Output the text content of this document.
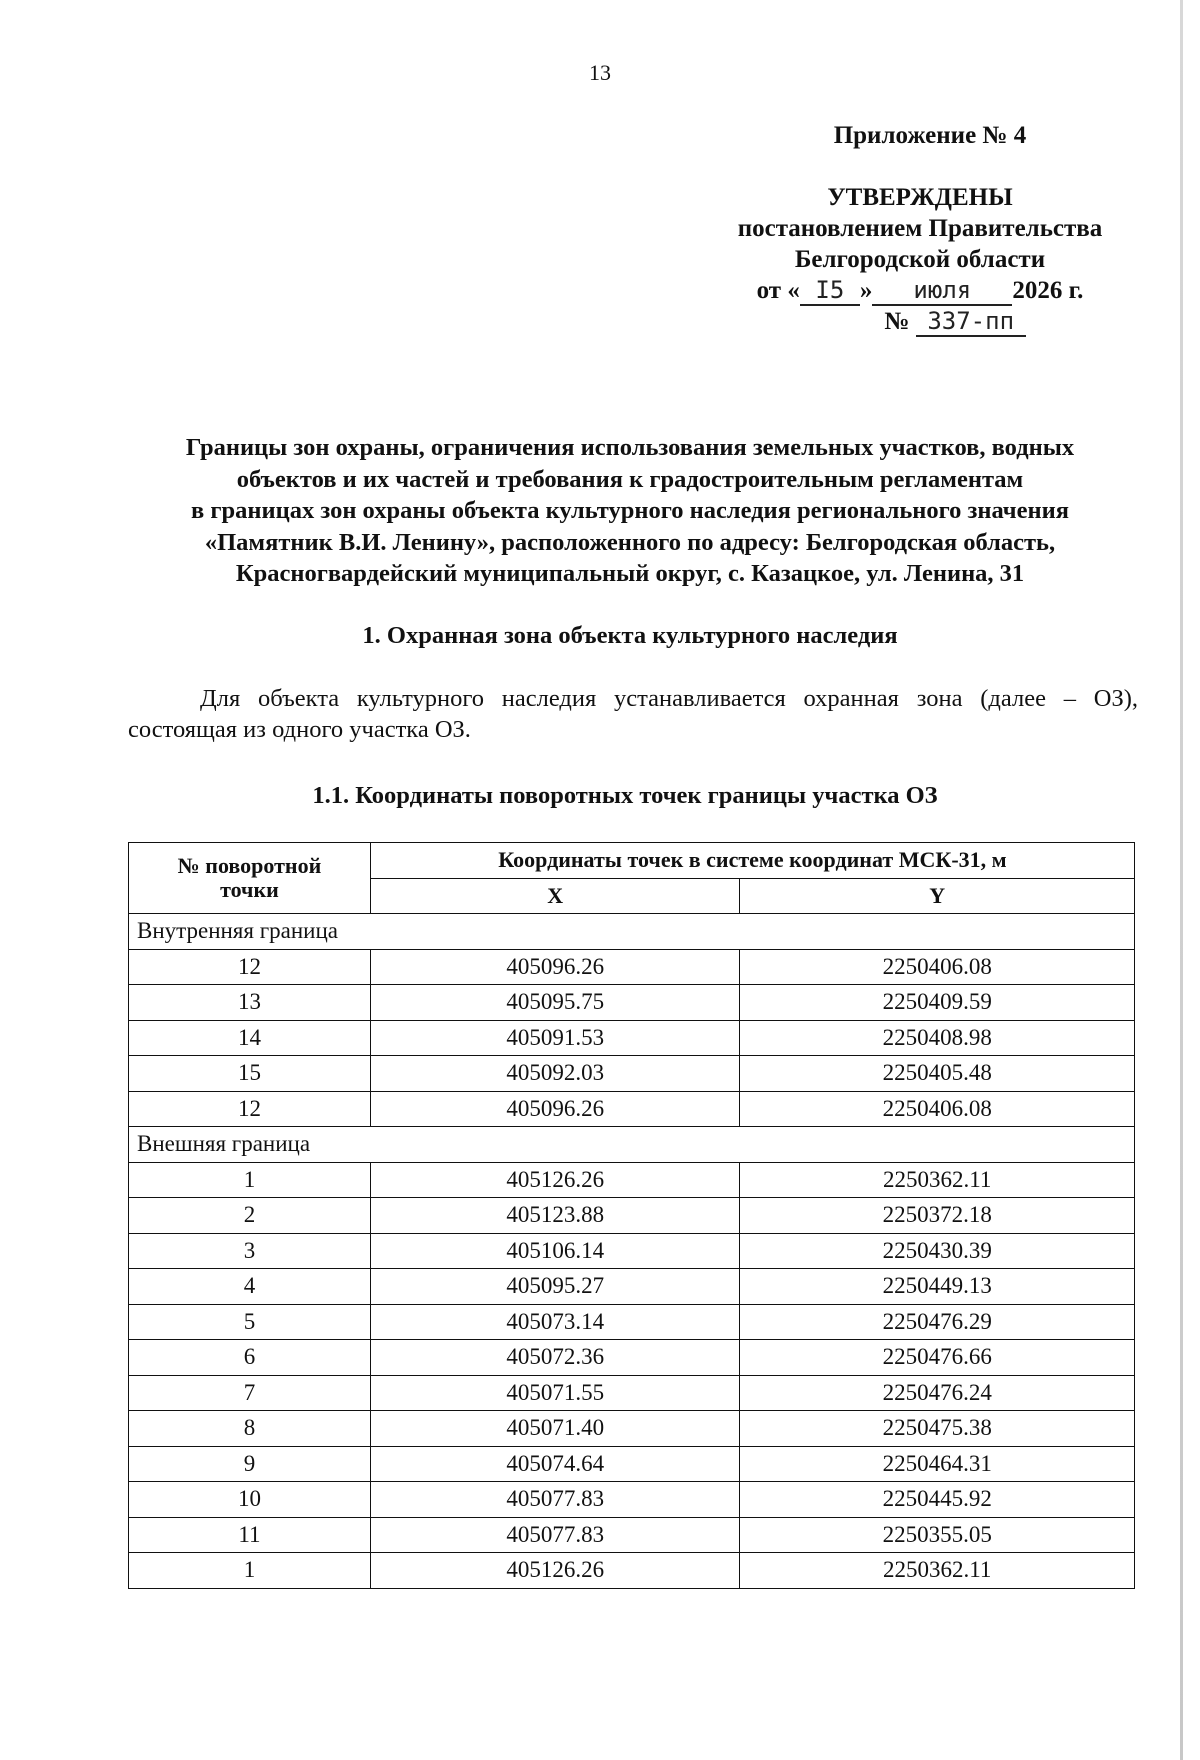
13
Приложение № 4
УТВЕРЖДЕНЫ
постановлением Правительства
Белгородской области
от « I5 » июля 2026 г.
№ 337-пп
Границы зон охраны, ограничения использования земельных участков, водных
объектов и их частей и требования к градостроительным регламентам
в границах зон охраны объекта культурного наследия регионального значения
«Памятник В.И. Ленину», расположенного по адресу: Белгородская область,
Красногвардейский муниципальный округ, с. Казацкое, ул. Ленина, 31
1. Охранная зона объекта культурного наследия
Для объекта культурного наследия устанавливается охранная зона (далее – ОЗ), состоящая из одного участка ОЗ.
1.1. Координаты поворотных точек границы участка ОЗ
№ поворотной точки	Координаты точек в системе координат МСК-31, м	
	X	Y
Внутренняя граница		
12	405096.26	2250406.08
13	405095.75	2250409.59
14	405091.53	2250408.98
15	405092.03	2250405.48
12	405096.26	2250406.08
Внешняя граница		
1	405126.26	2250362.11
2	405123.88	2250372.18
3	405106.14	2250430.39
4	405095.27	2250449.13
5	405073.14	2250476.29
6	405072.36	2250476.66
7	405071.55	2250476.24
8	405071.40	2250475.38
9	405074.64	2250464.31
10	405077.83	2250445.92
11	405077.83	2250355.05
1	405126.26	2250362.11
